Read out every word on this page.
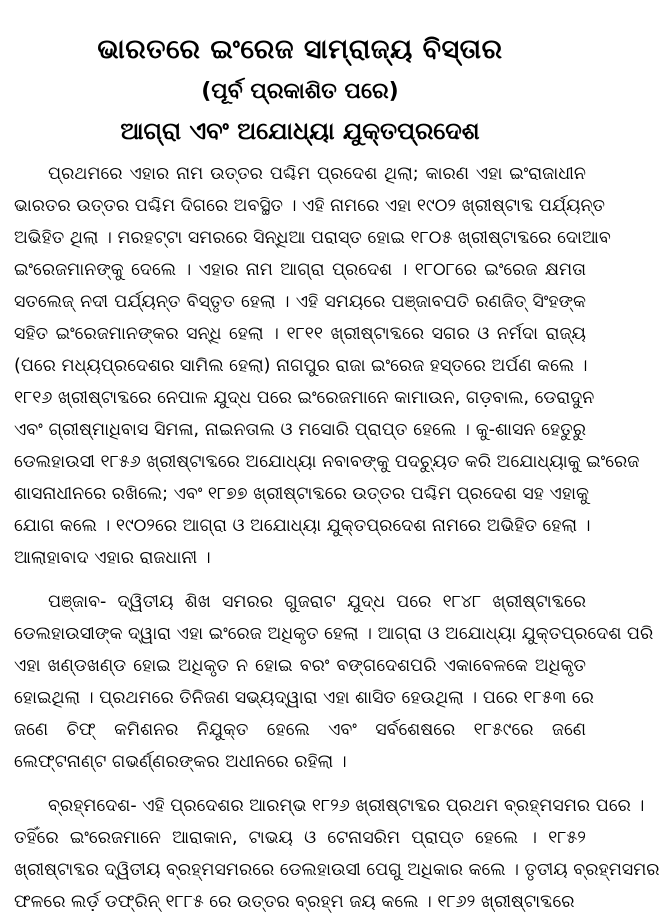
ଭାରତରେ ଇଂରେଜ ସାମ୍ରାଜ୍ୟ ବିସ୍ତାର
(ପୂର୍ବ ପ୍ରକାଶିତ ପରେ)
ଆଗ୍ରା ଏବଂ ଅଯୋଧ୍ୟା ଯୁକ୍ତପ୍ରଦେଶ
ପ୍ରଥମରେ ଏହାର ନାମ ଉତ୍ତର ପଶ୍ଚିମ ପ୍ରଦେଶ ଥିଲା; କାରଣ ଏହା ଇଂରାଜାଧୀନ
ଭାରତର ଉତ୍ତର ପଶ୍ଚିମ ଦିଗରେ ଅବସ୍ଥିତ । ଏହି ନାମରେ ଏହା ୧୯୦୨ ଖ୍ରୀଷ୍ଟାବ୍ଦ ପର୍ଯ୍ୟନ୍ତ
ଅଭିହିତ ଥିଲା । ମରହଟ୍ଟା ସମରରେ ସିନ୍ଧିଆ ପରାସ୍ତ ହୋଇ ୧୮୦୫ ଖ୍ରୀଷ୍ଟାବ୍ଦରେ ଦୋଆବ
ଇଂରେଜମାନଙ୍କୁ ଦେଲେ । ଏହାର ନାମ ଆଗ୍ରା ପ୍ରଦେଶ । ୧୮୦୮ରେ ଇଂରେଜ କ୍ଷମତା
ସତଲେଜ୍ ନଦୀ ପର୍ଯ୍ୟନ୍ତ ବିସ୍ତୃତ ହେଲା । ଏହି ସମୟରେ ପଞ୍ଜାବପତି ରଣଜିତ୍ ସିଂହଙ୍କ
ସହିତ ଇଂରେଜମାନଙ୍କର ସନ୍ଧି ହେଲା । ୧୮୧୧ ଖ୍ରୀଷ୍ଟାବ୍ଦରେ ସଗର ଓ ନର୍ମଦା ରାଜ୍ୟ
(ପରେ ମଧ୍ୟପ୍ରଦେଶର ସାମିଲ ହେଲା) ନାଗପୁର ରାଜା ଇଂରେଜ ହସ୍ତରେ ଅର୍ପଣ କଲେ ।
୧୮୧୬ ଖ୍ରୀଷ୍ଟାବ୍ଦରେ ନେପାଳ ଯୁଦ୍ଧ ପରେ ଇଂରେଜମାନେ କାମାଉନ, ଗଡ଼ବାଲ, ଡେରାଦୁନ
ଏବଂ ଗ୍ରୀଷ୍ମାଧିବାସ ସିମଳା, ନାଇନତାଲ ଓ ମସୋରି ପ୍ରାପ୍ତ ହେଲେ । କୁ-ଶାସନ ହେତୁରୁ
ଡେଲହାଉସୀ ୧୮୫୬ ଖ୍ରୀଷ୍ଟାବ୍ଦରେ ଅଯୋଧ୍ୟା ନବାବଙ୍କୁ ପଦଚ୍ୟୁତ କରି ଅଯୋଧ୍ୟାକୁ ଇଂରେଜ
ଶାସନାଧୀନରେ ରଖିଲେ; ଏବଂ ୧୮୭୭ ଖ୍ରୀଷ୍ଟାବ୍ଦରେ ଉତ୍ତର ପଶ୍ଚିମ ପ୍ରଦେଶ ସହ ଏହାକୁ
ଯୋଗ କଲେ । ୧୯୦୨ରେ ଆଗ୍ରା ଓ ଅଯୋଧ୍ୟା ଯୁକ୍ତପ୍ରଦେଶ ନାମରେ ଅଭିହିତ ହେଲା ।
ଆଲାହାବାଦ ଏହାର ରାଜଧାନୀ ।
ପଞ୍ଜାବ- ଦ୍ୱିତୀୟ ଶିଖ ସମରର ଗୁଜରାଟ ଯୁଦ୍ଧ ପରେ ୧୮୪୮ ଖ୍ରୀଷ୍ଟାବ୍ଦରେ
ଡେଲହାଉସୀଙ୍କ ଦ୍ୱାରା ଏହା ଇଂରେଜ ଅଧିକୃତ ହେଲା । ଆଗ୍ରା ଓ ଅଯୋଧ୍ୟା ଯୁକ୍ତପ୍ରଦେଶ ପରି
ଏହା ଖଣ୍ଡଖଣ୍ଡ ହୋଇ ଅଧିକୃତ ନ ହୋଇ ବରଂ ବଙ୍ଗଦେଶପରି ଏକାବେଳକେ ଅଧିକୃତ
ହୋଇଥିଲା । ପ୍ରଥମରେ ତିନିଜଣ ସଭ୍ୟଦ୍ୱାରା ଏହା ଶାସିତ ହେଉଥିଲା । ପରେ ୧୮୫୩ ରେ
ଜଣେ ଚିଫ୍ କମିଶନର ନିଯୁକ୍ତ ହେଲେ ଏବଂ ସର୍ବଶେଷରେ ୧୮୫୯ରେ ଜଣେ
ଲେଫ୍‌ଟନାଣ୍ଟ ଗଭର୍ଣ୍ଣରଙ୍କର ଅଧୀନରେ ରହିଲା ।
ବ୍ରହ୍ମଦେଶ- ଏହି ପ୍ରଦେଶର ଆରମ୍ଭ ୧୮୨୬ ଖ୍ରୀଷ୍ଟାବ୍ଦର ପ୍ରଥମ ବ୍ରହ୍ମସମର ପରେ ।
ତହିଁରେ ଇଂରେଜମାନେ ଆରାକାନ, ଟାଭୟ ଓ ଟେନାସରିମ ପ୍ରାପ୍ତ ହେଲେ । ୧୮୫୨
ଖ୍ରୀଷ୍ଟାବ୍ଦର ଦ୍ୱିତୀୟ ବ୍ରହ୍ମସମରରେ ଡେଲହାଉସୀ ପେଗୁ ଅଧିକାର କଲେ । ତୃତୀୟ ବ୍ରହ୍ମସମର
ଫଳରେ ଲର୍ଡ଼ ଡଫ୍‌ରିନ୍ ୧୮୮୫ ରେ ଉତ୍ତର ବ୍ରହ୍ମ ଜୟ କଲେ । ୧୮୬୨ ଖ୍ରୀଷ୍ଟାବ୍ଦରେ
